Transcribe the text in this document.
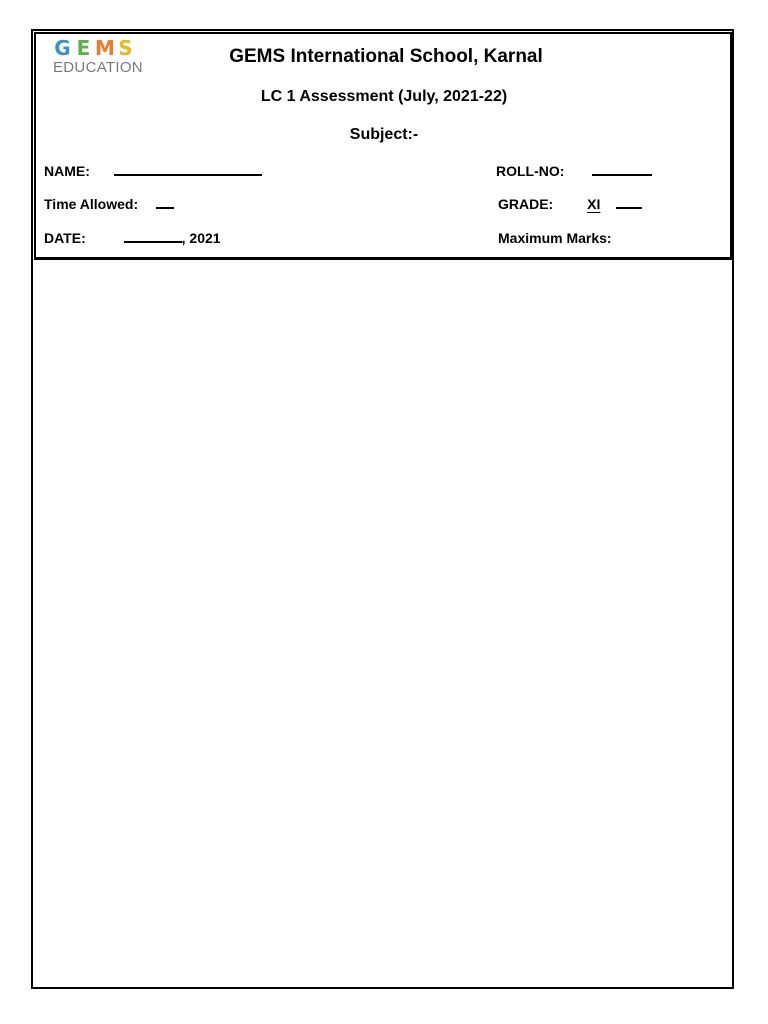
G E M S
EDUCATION
GEMS International School, Karnal
LC 1 Assessment (July, 2021-22)
Subject:-
NAME:	ROLL-NO:
Time Allowed:	GRADE: XI
DATE:	, 2021	Maximum Marks:
